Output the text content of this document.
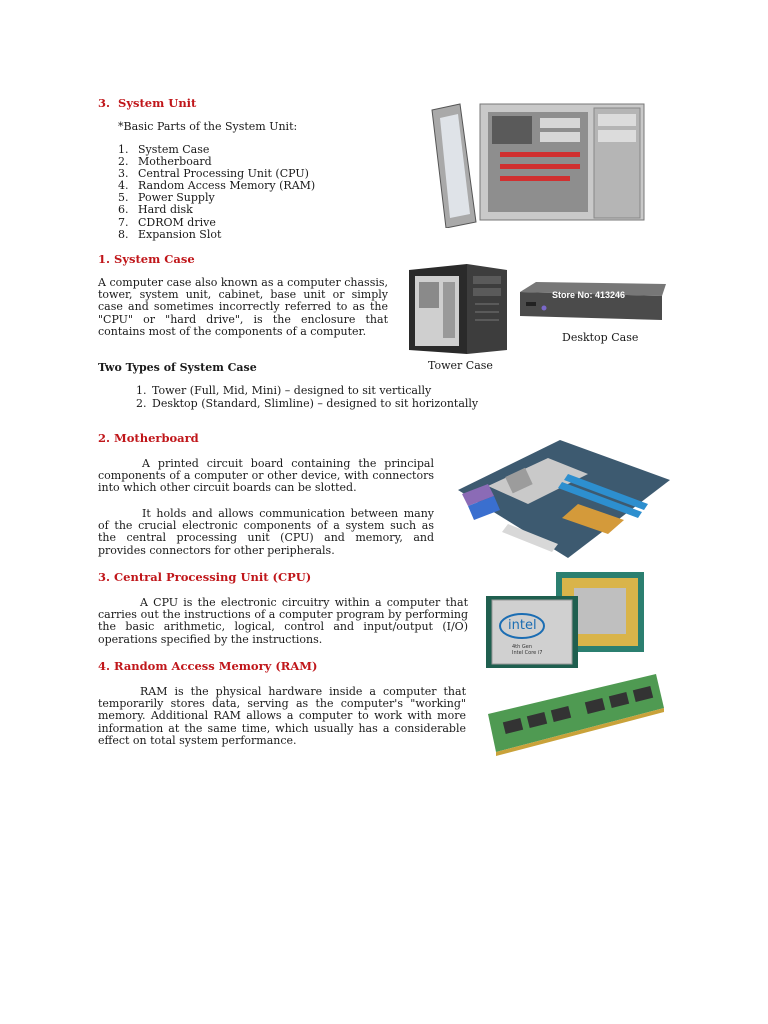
3. System Unit
*Basic Parts of the System Unit:
1. System Case
2. Motherboard
3. Central Processing Unit (CPU)
4. Random Access Memory (RAM)
5. Power Supply
6. Hard disk
7. CDROM drive
8. Expansion Slot
1. System Case
A computer case also known as a computer chassis, tower, system unit, cabinet, base unit or simply case and sometimes incorrectly referred to as the "CPU" or "hard drive", is the enclosure that contains most of the components of a computer.
Tower Case
Store No: 413246
Desktop Case
Two Types of System Case
1. Tower (Full, Mid, Mini) – designed to sit vertically
2. Desktop (Standard, Slimline) – designed to sit horizontally
2. Motherboard
A printed circuit board containing the principal components of a computer or other device, with connectors into which other circuit boards can be slotted.
It holds and allows communication between many of the crucial electronic components of a system such as the central processing unit (CPU) and memory, and provides connectors for other peripherals.
3. Central Processing Unit (CPU)
A CPU is the electronic circuitry within a computer that carries out the instructions of a computer program by performing the basic arithmetic, logical, control and input/output (I/O) operations specified by the instructions.
intel
4th Gen
Intel Core i7
4. Random Access Memory (RAM)
RAM is the physical hardware inside a computer that temporarily stores data, serving as the computer's "working" memory. Additional RAM allows a computer to work with more information at the same time, which usually has a considerable effect on total system performance.
